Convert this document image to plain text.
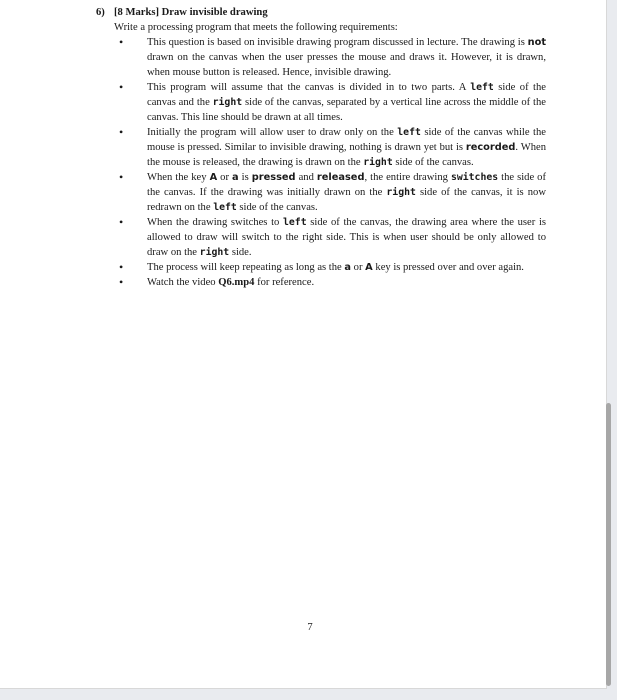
6) [8 Marks] Draw invisible drawing
Write a processing program that meets the following requirements:
• This question is based on invisible drawing program discussed in lecture. The drawing is not drawn on the canvas when the user presses the mouse and draws it. However, it is drawn, when mouse button is released. Hence, invisible drawing.
• This program will assume that the canvas is divided in to two parts. A left side of the canvas and the right side of the canvas, separated by a vertical line across the middle of the canvas. This line should be drawn at all times.
• Initially the program will allow user to draw only on the left side of the canvas while the mouse is pressed. Similar to invisible drawing, nothing is drawn yet but is recorded. When the mouse is released, the drawing is drawn on the right side of the canvas.
• When the key A or a is pressed and released, the entire drawing switches the side of the canvas. If the drawing was initially drawn on the right side of the canvas, it is now redrawn on the left side of the canvas.
• When the drawing switches to left side of the canvas, the drawing area where the user is allowed to draw will switch to the right side. This is when user should be only allowed to draw on the right side.
• The process will keep repeating as long as the a or A key is pressed over and over again.
• Watch the video Q6.mp4 for reference.
7
